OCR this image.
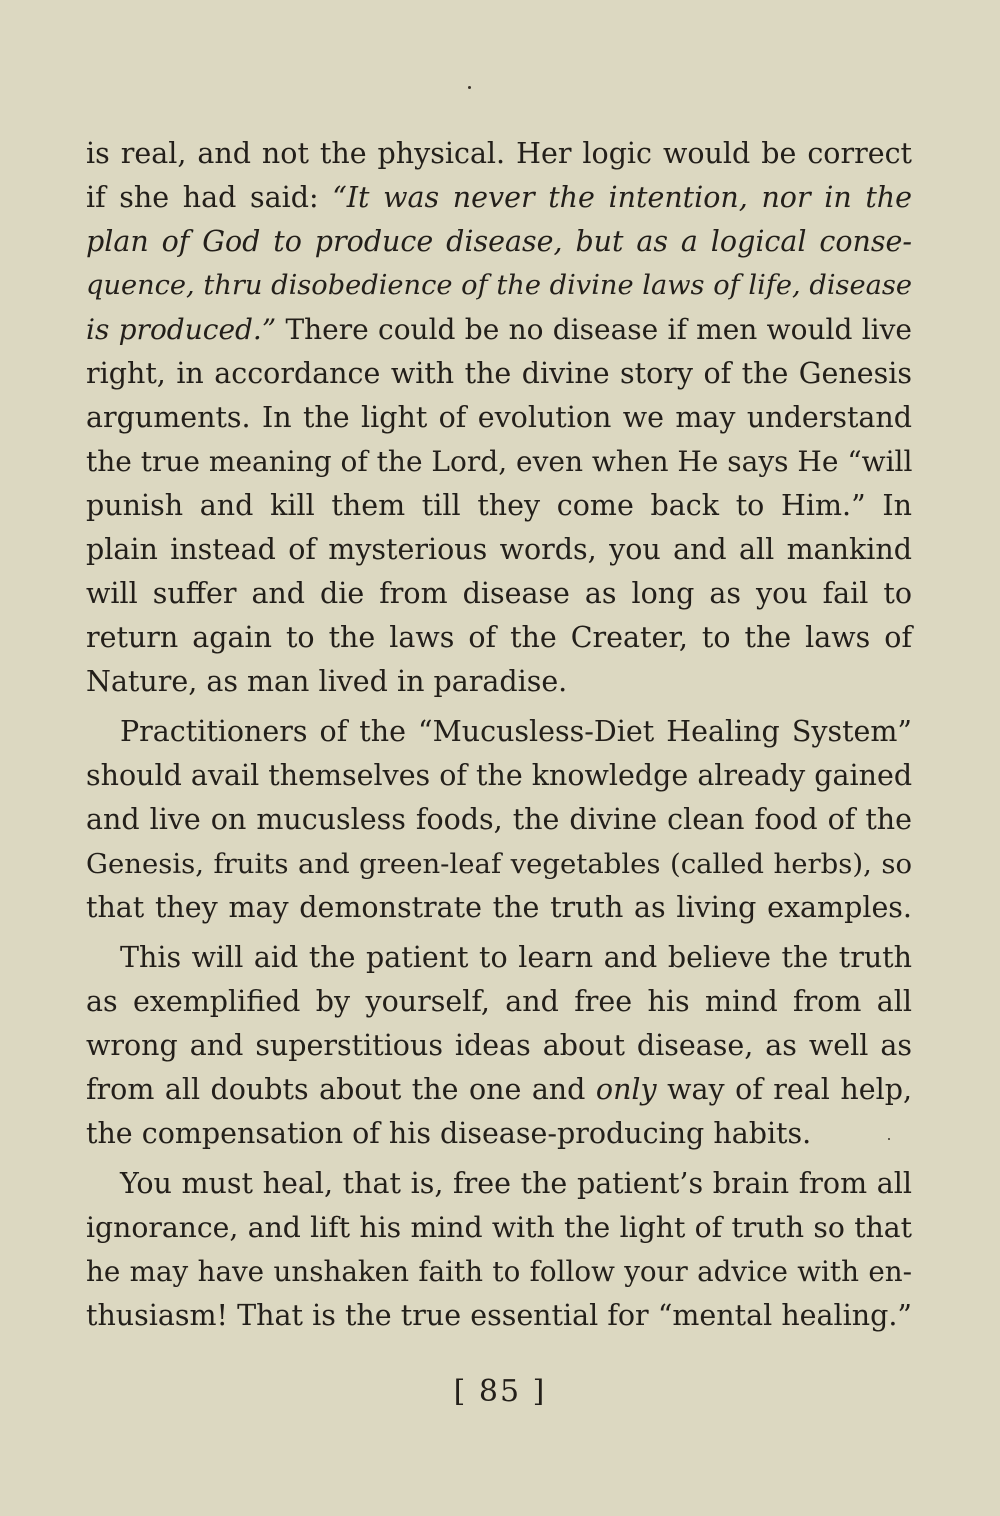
is real, and not the physical. Her logic would be correct
if she had said: “It was never the intention, nor in the
plan of God to produce disease, but as a logical conse-
quence, thru disobedience of the divine laws of life, disease
is produced.” There could be no disease if men would live
right, in accordance with the divine story of the Genesis
arguments. In the light of evolution we may understand
the true meaning of the Lord, even when He says He “will
punish and kill them till they come back to Him.” In
plain instead of mysterious words, you and all mankind
will suffer and die from disease as long as you fail to
return again to the laws of the Creater, to the laws of
Nature, as man lived in paradise.
Practitioners of the “Mucusless-Diet Healing System”
should avail themselves of the knowledge already gained
and live on mucusless foods, the divine clean food of the
Genesis, fruits and green-leaf vegetables (called herbs), so
that they may demonstrate the truth as living examples.
This will aid the patient to learn and believe the truth
as exemplified by yourself, and free his mind from all
wrong and superstitious ideas about disease, as well as
from all doubts about the one and only way of real help,
the compensation of his disease-producing habits.
You must heal, that is, free the patient’s brain from all
ignorance, and lift his mind with the light of truth so that
he may have unshaken faith to follow your advice with en-
thusiasm! That is the true essential for “mental healing.”
[ 85 ]
